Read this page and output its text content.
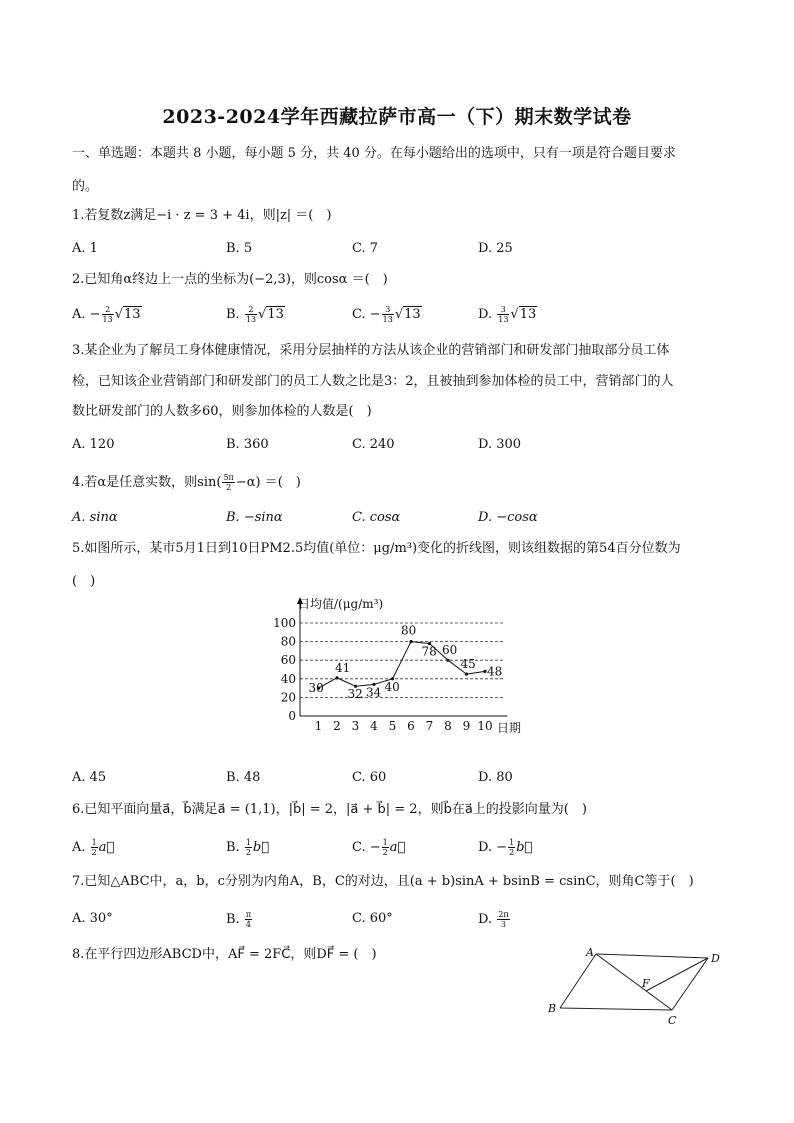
2023-2024学年西藏拉萨市高一（下）期末数学试卷
一、单选题：本题共 8 小题，每小题 5 分，共 40 分。在每小题给出的选项中，只有一项是符合题目要求
的。
1.若复数z满足−i · z = 3 + 4i，则|z| ＝(　)
A. 1	B. 5	C. 7	D. 25
2.已知角α终边上一点的坐标为(−2,3)，则cosα ＝(　)
A. − $\frac{2}{13} √13$	B. $\frac{2}{13} √13$	C. − $\frac{3}{13} √13$	D. $\frac{3}{13} √13$
3.某企业为了解员工身体健康情况，采用分层抽样的方法从该企业的营销部门和研发部门抽取部分员工体
检，已知该企业营销部门和研发部门的员工人数之比是3：2，且被抽到参加体检的员工中，营销部门的人
数比研发部门的人数多60，则参加体检的人数是(　)
A. 120	B. 360	C. 240	D. 300
4.若α是任意实数，则$\sin( \frac{5\pi}{2} -\alpha)$ ＝(　)
A. sinα	B. −sinα	C. cosα	D. −cosα
5.如图所示，某市5月1日到10日PM2.5均值(单位：μg/m³)变化的折线图，则该组数据的第54百分位数为
(　)
0
20
40
60
80
100
1 2 3 4 5 6 7 8 9 10
日均值/(μg/m³)
日期
30
41
32 34 40
80
78 60
45
48
A. 45	B. 48	C. 60	D. 80
6.已知平面向量a⃗，b⃗满足a⃗ = (1,1)，|b⃗| = 2，|a⃗ + b⃗| = 2，则b⃗在a⃗上的投影向量为(　)
A. $\frac{1}{2}$ a⃗	B. $\frac{1}{2}$ b⃗	C. − $\frac{1}{2}$ a⃗	D. − $\frac{1}{2}$ b⃗
7.已知△ABC中，a，b，c分别为内角A，B，C的对边，且(a + b)sinA + bsinB = csinC，则角C等于(　)
A. 30°	B. $\frac{\pi}{4}$	C. 60°	D. $\frac{2\pi}{3}$
8.在平行四边形ABCD中，AF⃗ = 2FC⃗，则DF⃗ = (　)	A
B
C
D
F
